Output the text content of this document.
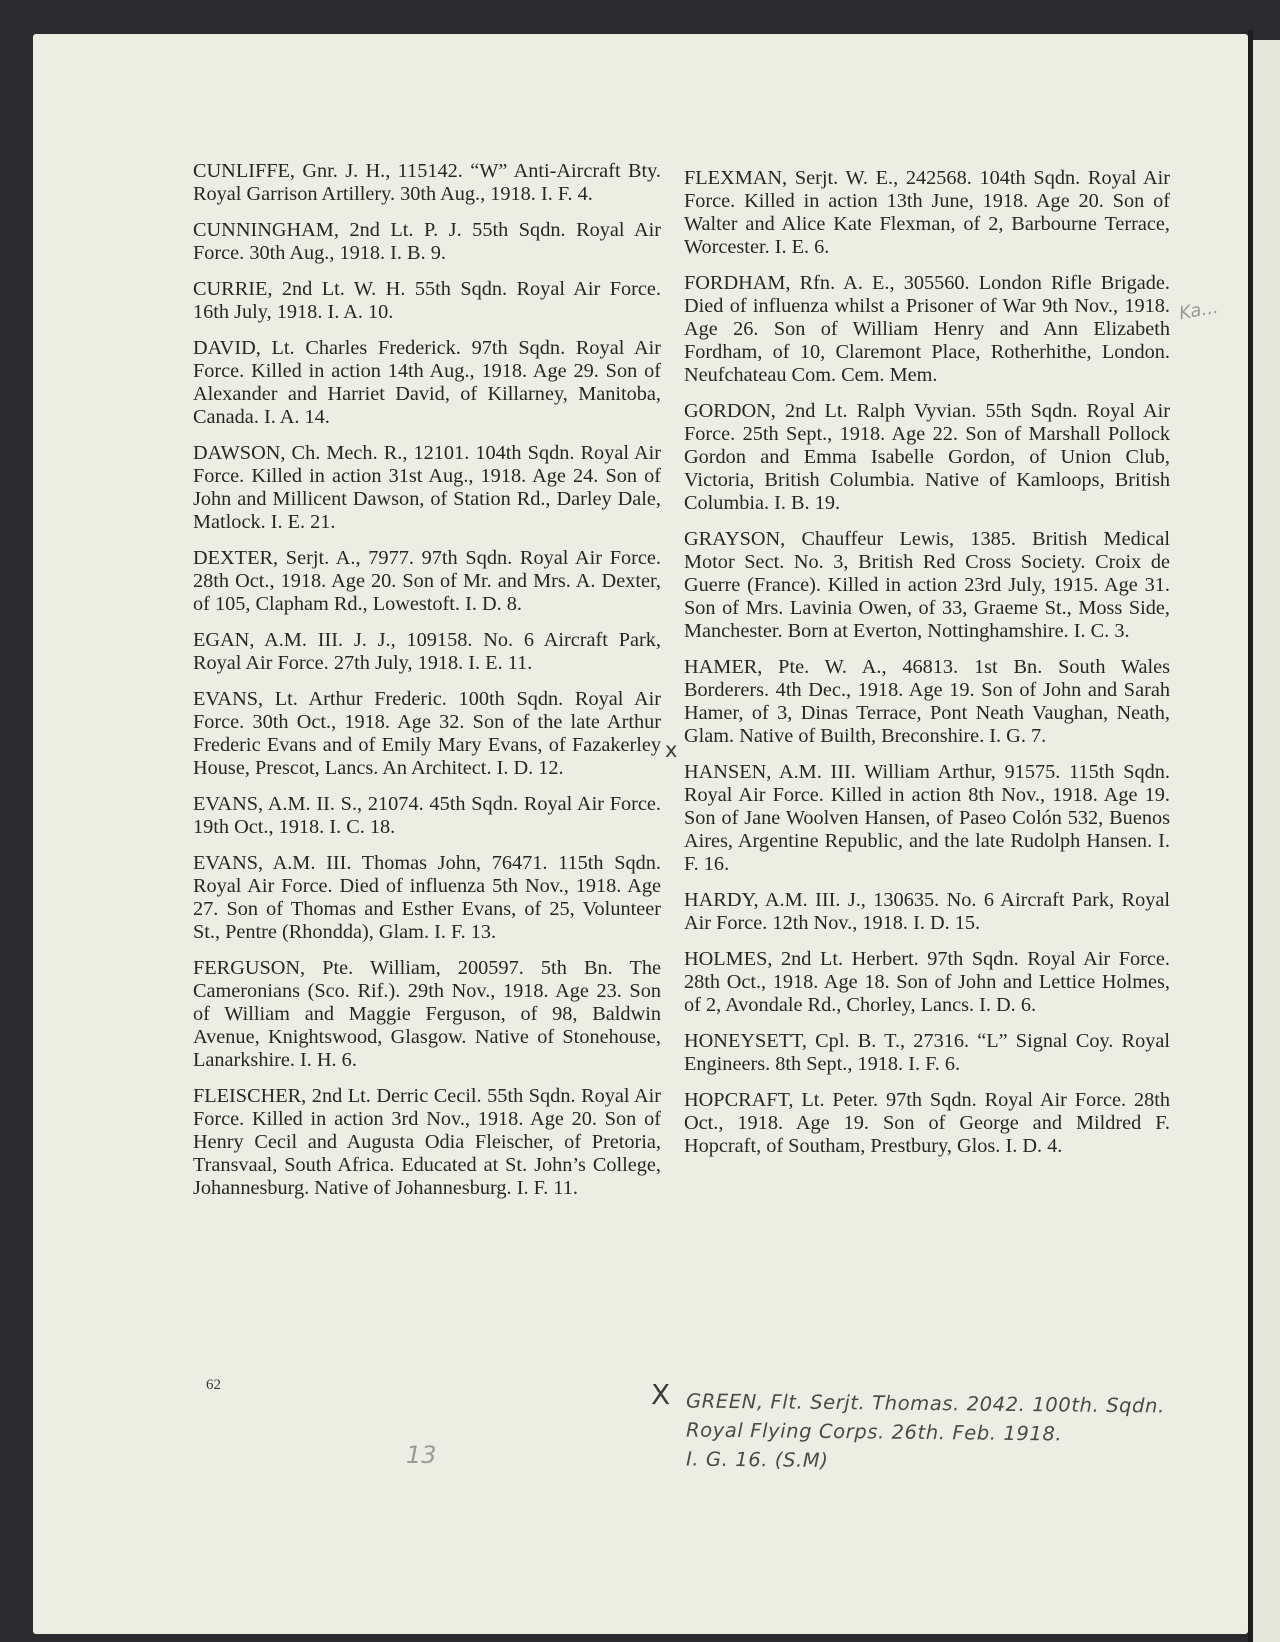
CUNLIFFE, Gnr. J. H., 115142. “W” Anti-Aircraft Bty. Royal Garrison Artillery. 30th Aug., 1918. I. F. 4.

CUNNINGHAM, 2nd Lt. P. J. 55th Sqdn. Royal Air Force. 30th Aug., 1918. I. B. 9.

CURRIE, 2nd Lt. W. H. 55th Sqdn. Royal Air Force. 16th July, 1918. I. A. 10.

DAVID, Lt. Charles Frederick. 97th Sqdn. Royal Air Force. Killed in action 14th Aug., 1918. Age 29. Son of Alexander and Harriet David, of Killarney, Manitoba, Canada. I. A. 14.

DAWSON, Ch. Mech. R., 12101. 104th Sqdn. Royal Air Force. Killed in action 31st Aug., 1918. Age 24. Son of John and Millicent Dawson, of Station Rd., Darley Dale, Matlock. I. E. 21.

DEXTER, Serjt. A., 7977. 97th Sqdn. Royal Air Force. 28th Oct., 1918. Age 20. Son of Mr. and Mrs. A. Dexter, of 105, Clapham Rd., Lowestoft. I. D. 8.

EGAN, A.M. III. J. J., 109158. No. 6 Aircraft Park, Royal Air Force. 27th July, 1918. I. E. 11.

EVANS, Lt. Arthur Frederic. 100th Sqdn. Royal Air Force. 30th Oct., 1918. Age 32. Son of the late Arthur Frederic Evans and of Emily Mary Evans, of Fazakerley House, Prescot, Lancs. An Architect. I. D. 12.

EVANS, A.M. II. S., 21074. 45th Sqdn. Royal Air Force. 19th Oct., 1918. I. C. 18.

EVANS, A.M. III. Thomas John, 76471. 115th Sqdn. Royal Air Force. Died of influenza 5th Nov., 1918. Age 27. Son of Thomas and Esther Evans, of 25, Volunteer St., Pentre (Rhondda), Glam. I. F. 13.

FERGUSON, Pte. William, 200597. 5th Bn. The Cameronians (Sco. Rif.). 29th Nov., 1918. Age 23. Son of William and Maggie Ferguson, of 98, Baldwin Avenue, Knightswood, Glasgow. Native of Stonehouse, Lanarkshire. I. H. 6.

FLEISCHER, 2nd Lt. Derric Cecil. 55th Sqdn. Royal Air Force. Killed in action 3rd Nov., 1918. Age 20. Son of Henry Cecil and Augusta Odia Fleischer, of Pretoria, Transvaal, South Africa. Educated at St. John’s College, Johannesburg. Native of Johannesburg. I. F. 11.

FLEXMAN, Serjt. W. E., 242568. 104th Sqdn. Royal Air Force. Killed in action 13th June, 1918. Age 20. Son of Walter and Alice Kate Flexman, of 2, Barbourne Terrace, Worcester. I. E. 6.

FORDHAM, Rfn. A. E., 305560. London Rifle Brigade. Died of influenza whilst a Prisoner of War 9th Nov., 1918. Age 26. Son of William Henry and Ann Elizabeth Fordham, of 10, Claremont Place, Rotherhithe, London. Neufchateau Com. Cem. Mem.

GORDON, 2nd Lt. Ralph Vyvian. 55th Sqdn. Royal Air Force. 25th Sept., 1918. Age 22. Son of Marshall Pollock Gordon and Emma Isabelle Gordon, of Union Club, Victoria, British Columbia. Native of Kamloops, British Columbia. I. B. 19.

GRAYSON, Chauffeur Lewis, 1385. British Medical Motor Sect. No. 3, British Red Cross Society. Croix de Guerre (France). Killed in action 23rd July, 1915. Age 31. Son of Mrs. Lavinia Owen, of 33, Graeme St., Moss Side, Manchester. Born at Everton, Nottinghamshire. I. C. 3.

HAMER, Pte. W. A., 46813. 1st Bn. South Wales Borderers. 4th Dec., 1918. Age 19. Son of John and Sarah Hamer, of 3, Dinas Terrace, Pont Neath Vaughan, Neath, Glam. Native of Builth, Breconshire. I. G. 7.

HANSEN, A.M. III. William Arthur, 91575. 115th Sqdn. Royal Air Force. Killed in action 8th Nov., 1918. Age 19. Son of Jane Woolven Hansen, of Paseo Colón 532, Buenos Aires, Argentine Republic, and the late Rudolph Hansen. I. F. 16.

HARDY, A.M. III. J., 130635. No. 6 Aircraft Park, Royal Air Force. 12th Nov., 1918. I. D. 15.

HOLMES, 2nd Lt. Herbert. 97th Sqdn. Royal Air Force. 28th Oct., 1918. Age 18. Son of John and Lettice Holmes, of 2, Avondale Rd., Chorley, Lancs. I. D. 6.

HONEYSETT, Cpl. B. T., 27316. “L” Signal Coy. Royal Engineers. 8th Sept., 1918. I. F. 6.

HOPCRAFT, Lt. Peter. 97th Sqdn. Royal Air Force. 28th Oct., 1918. Age 19. Son of George and Mildred F. Hopcraft, of Southam, Prestbury, Glos. I. D. 4.

62
x
X GREEN, Flt. Serjt. Thomas. 2042. 100th. Sqdn.
Royal Flying Corps. 26th. Feb. 1918.
I. G. 16. (S.M)
Ka...
13
